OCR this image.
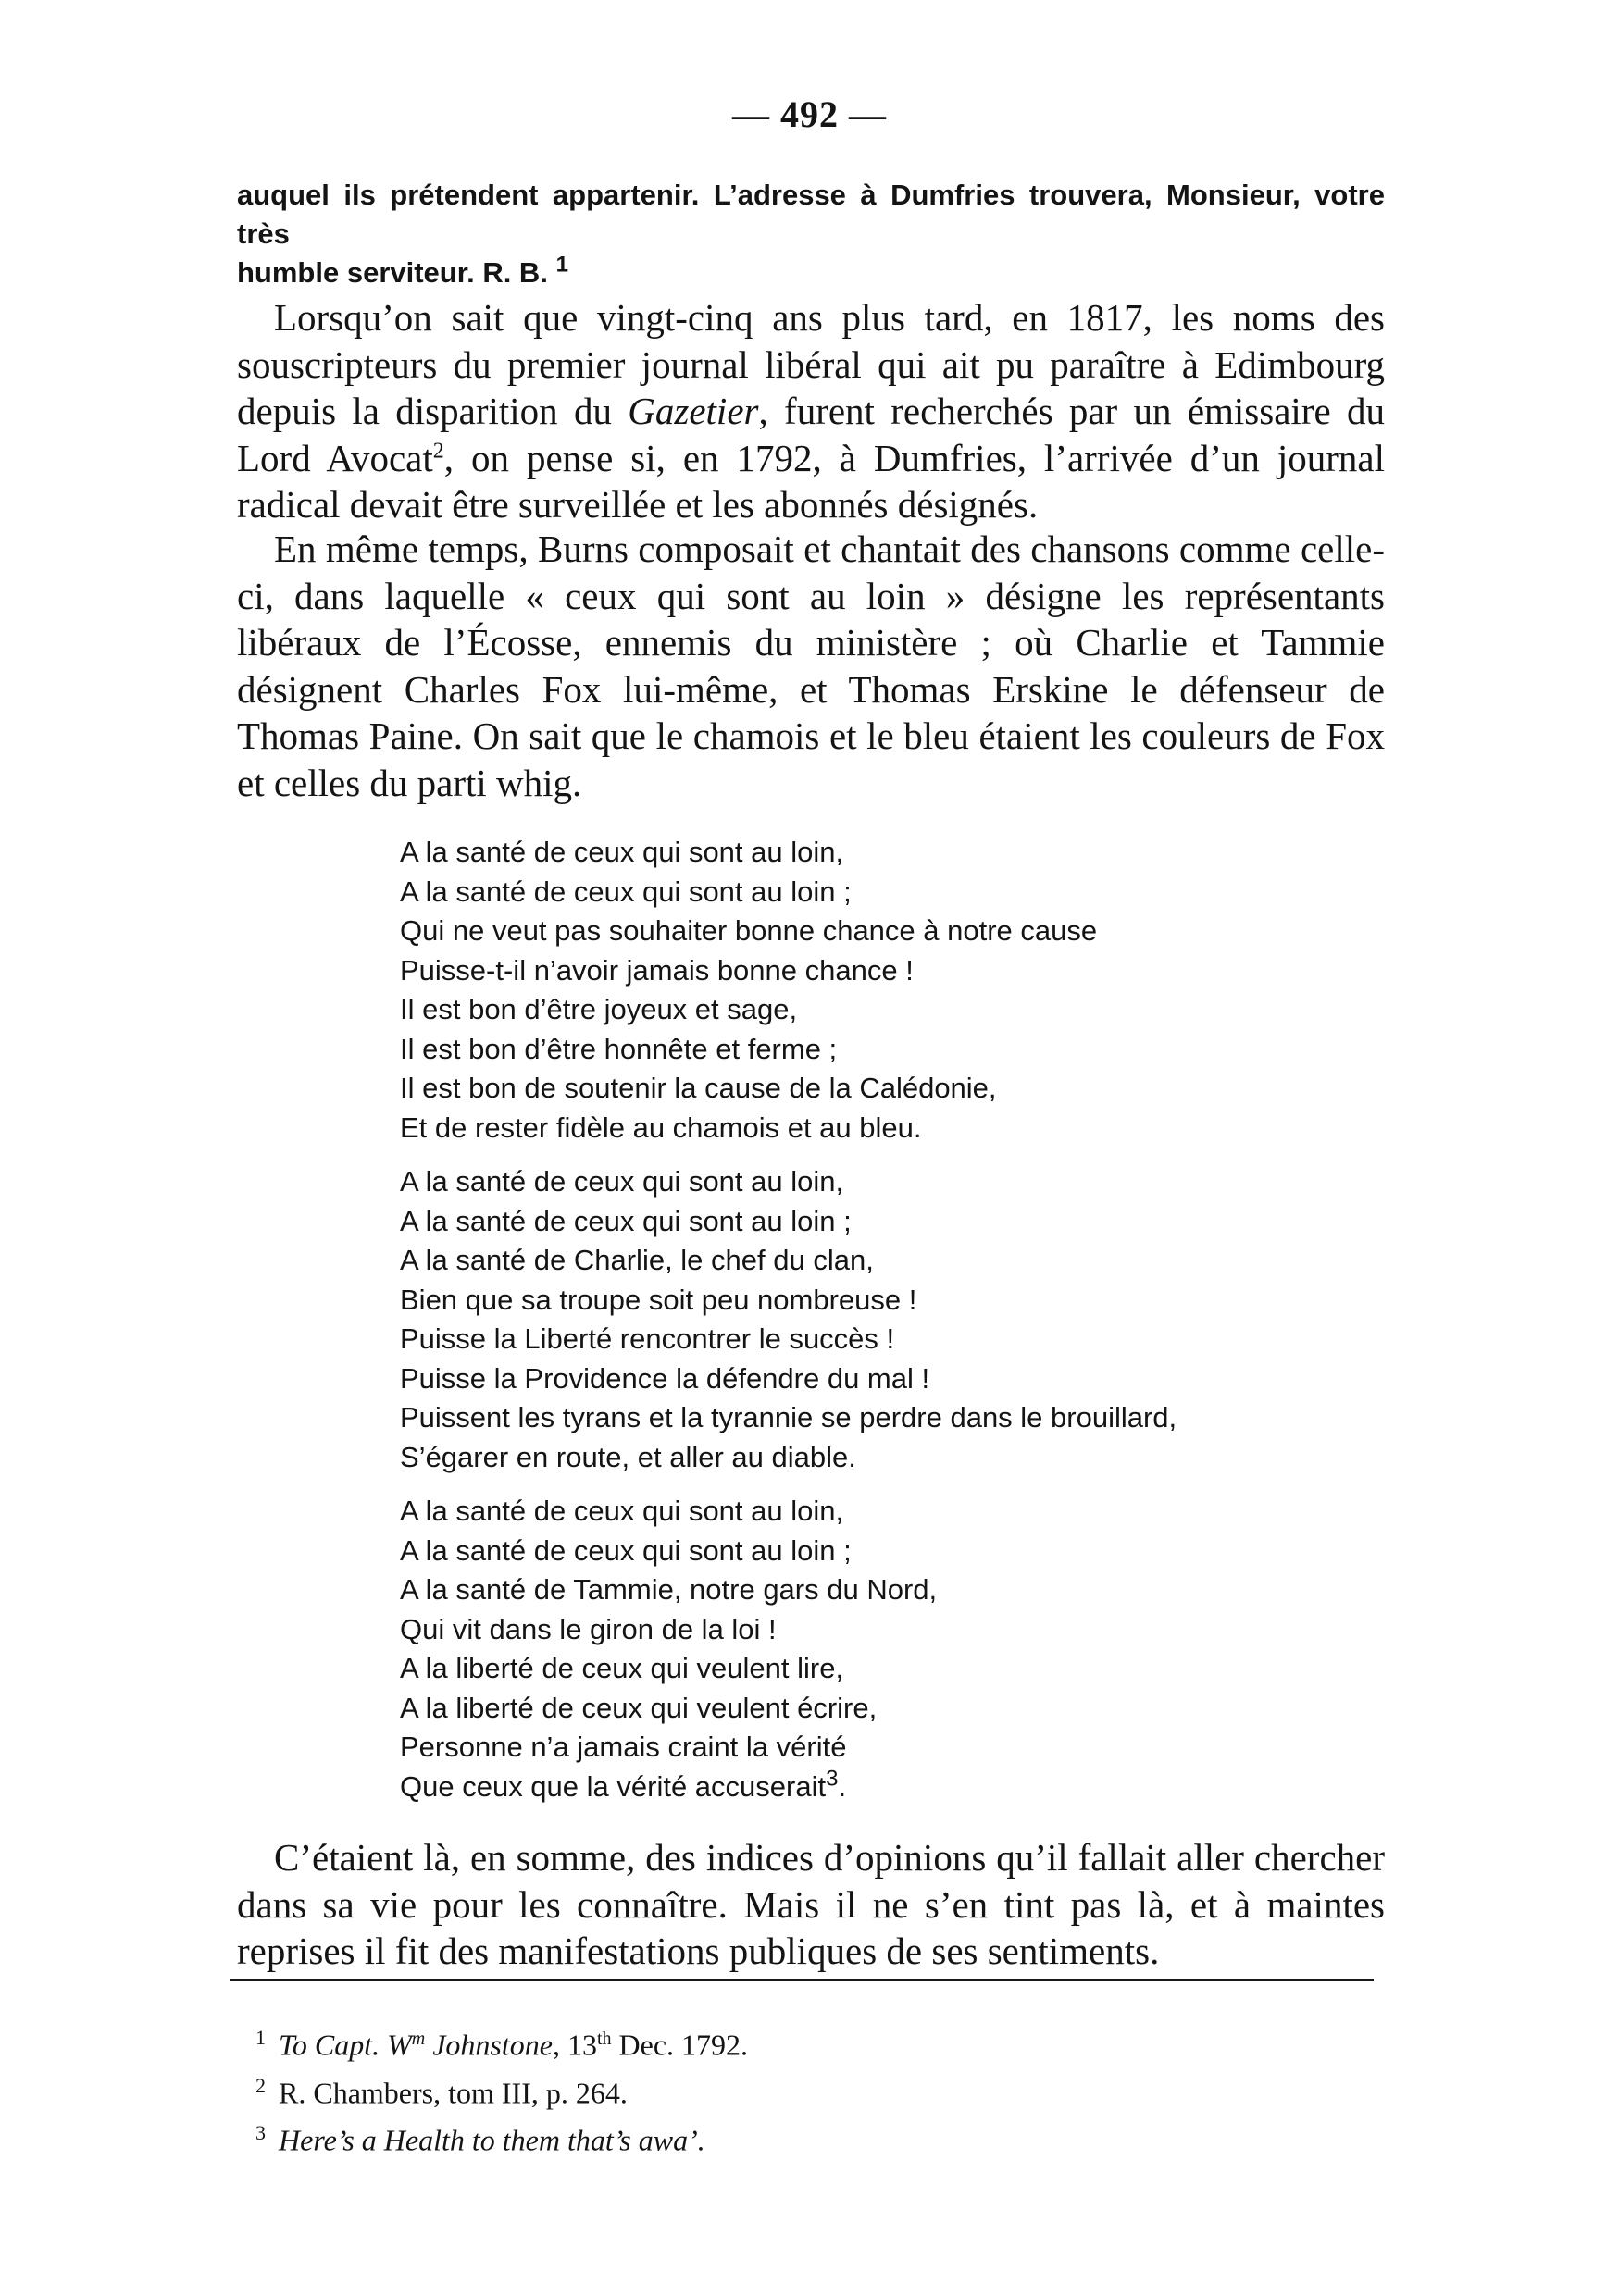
— 492 —

auquel ils prétendent appartenir. L’adresse à Dumfries trouvera, Monsieur, votre très

humble serviteur. R. B. $^1$

Lorsqu’on sait que vingt-cinq ans plus tard, en 1817, les noms des souscripteurs du premier journal libéral qui ait pu paraître à Edimbourg depuis la disparition du Gazetier, furent recherchés par un émissaire du Lord Avocat$^2$, on pense si, en 1792, à Dumfries, l’arrivée d’un journal radical devait être surveillée et les abonnés désignés.

En même temps, Burns composait et chantait des chansons comme celle-ci, dans laquelle « ceux qui sont au loin » désigne les représentants libéraux de l’Écosse, ennemis du ministère ; où Charlie et Tammie désignent Charles Fox lui-même, et Thomas Erskine le défenseur de Thomas Paine. On sait que le chamois et le bleu étaient les couleurs de Fox et celles du parti whig.

A la santé de ceux qui sont au loin,
A la santé de ceux qui sont au loin ;
Qui ne veut pas souhaiter bonne chance à notre cause
Puisse-t-il n’avoir jamais bonne chance !
Il est bon d’être joyeux et sage,
Il est bon d’être honnête et ferme ;
Il est bon de soutenir la cause de la Calédonie,
Et de rester fidèle au chamois et au bleu.
A la santé de ceux qui sont au loin,
A la santé de ceux qui sont au loin ;
A la santé de Charlie, le chef du clan,
Bien que sa troupe soit peu nombreuse !
Puisse la Liberté rencontrer le succès !
Puisse la Providence la défendre du mal !
Puissent les tyrans et la tyrannie se perdre dans le brouillard,
S’égarer en route, et aller au diable.
A la santé de ceux qui sont au loin,
A la santé de ceux qui sont au loin ;
A la santé de Tammie, notre gars du Nord,
Qui vit dans le giron de la loi !
A la liberté de ceux qui veulent lire,
A la liberté de ceux qui veulent écrire,
Personne n’a jamais craint la vérité
Que ceux que la vérité accuserait$^3$.

C’étaient là, en somme, des indices d’opinions qu’il fallait aller chercher dans sa vie pour les connaître. Mais il ne s’en tint pas là, et à maintes reprises il fit des manifestations publiques de ses sentiments.

$^1$ To Capt. W$^m$ Johnstone, 13th Dec. 1792.
$^2$ R. Chambers, tom III, p. 264.
$^3$ Here’s a Health to them that’s awa’.
